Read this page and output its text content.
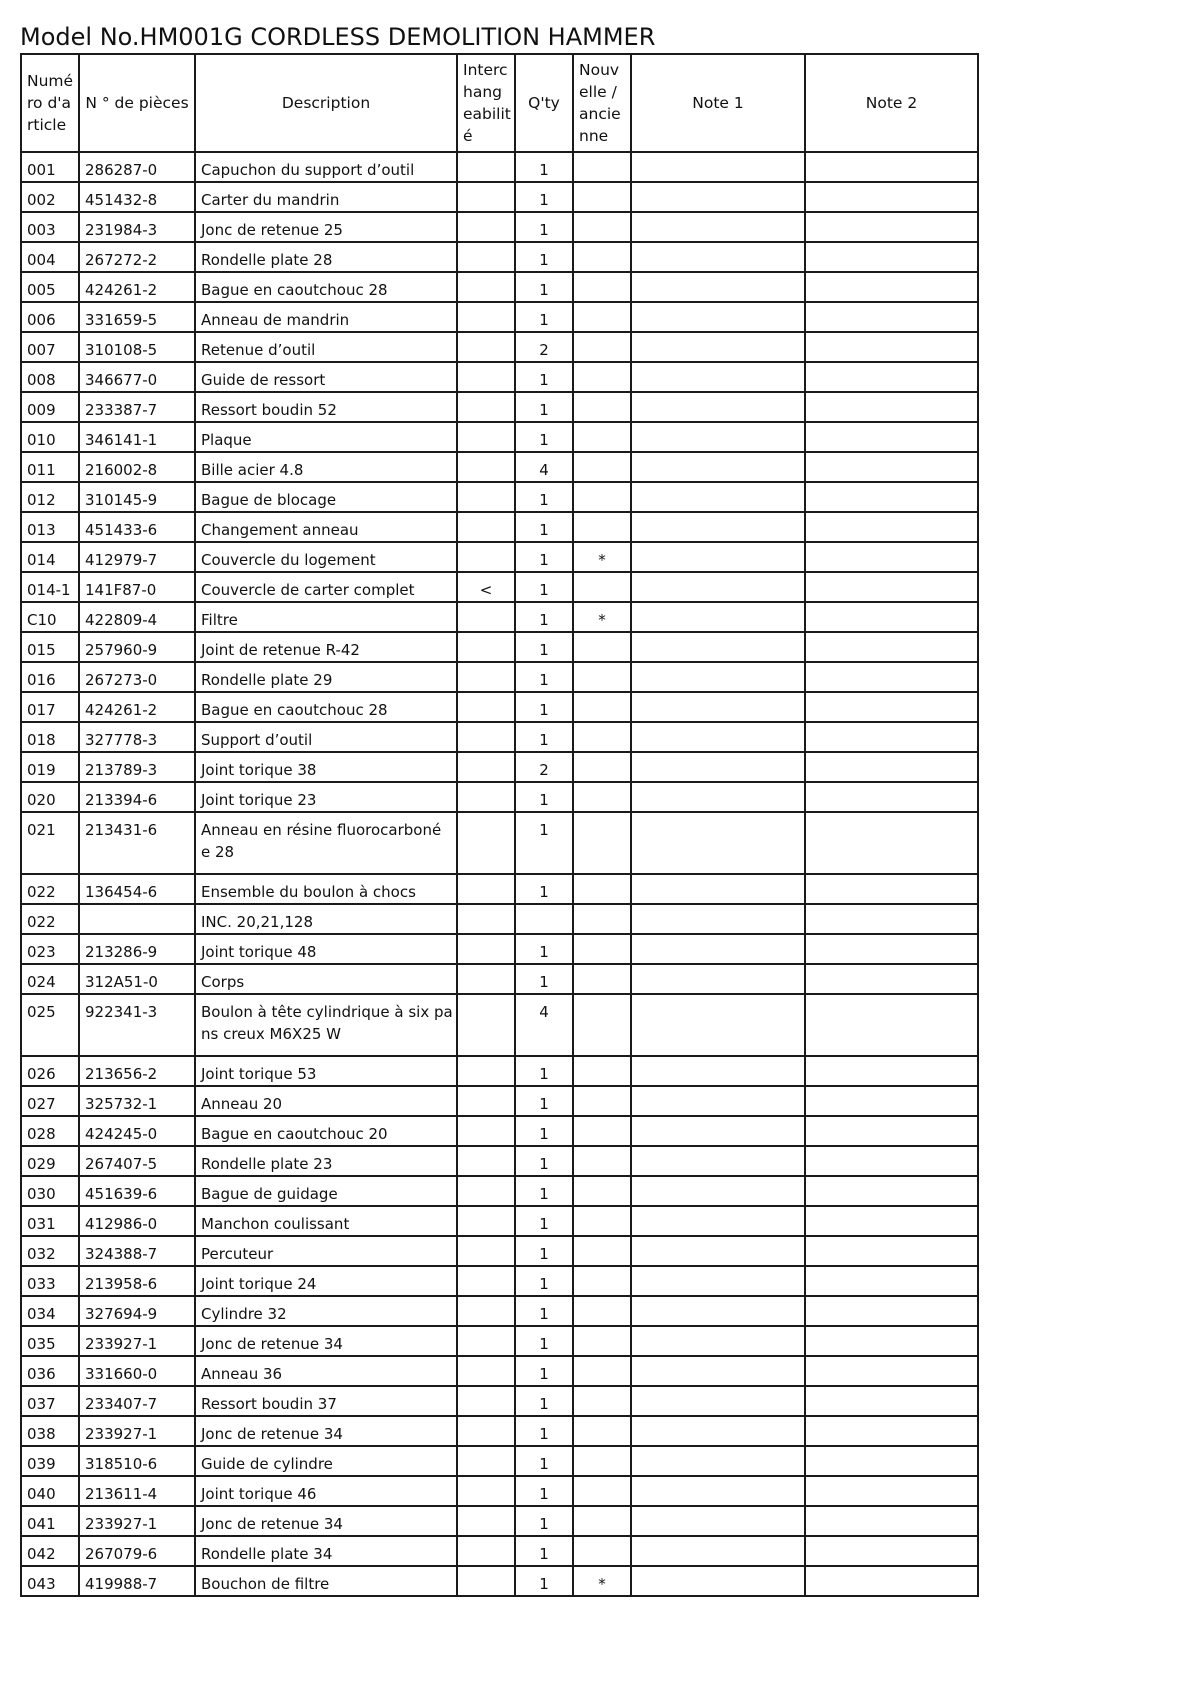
Model No.HM001G CORDLESS DEMOLITION HAMMER
Numé
ro d'a
rticle	N ° de pièces	Description	Interc
hang
eabilit
é	Q'ty	Nouv
elle /
ancie
nne	Note 1	Note 2
001	286287-0	Capuchon du support d’outil		1			
002	451432-8	Carter du mandrin		1			
003	231984-3	Jonc de retenue 25		1			
004	267272-2	Rondelle plate 28		1			
005	424261-2	Bague en caoutchouc 28		1			
006	331659-5	Anneau de mandrin		1			
007	310108-5	Retenue d’outil		2			
008	346677-0	Guide de ressort		1			
009	233387-7	Ressort boudin 52		1			
010	346141-1	Plaque		1			
011	216002-8	Bille acier 4.8		4			
012	310145-9	Bague de blocage		1			
013	451433-6	Changement anneau		1			
014	412979-7	Couvercle du logement		1	*		
014-1	141F87-0	Couvercle de carter complet	<	1			
C10	422809-4	Filtre		1	*		
015	257960-9	Joint de retenue R-42		1			
016	267273-0	Rondelle plate 29		1			
017	424261-2	Bague en caoutchouc 28		1			
018	327778-3	Support d’outil		1			
019	213789-3	Joint torique 38		2			
020	213394-6	Joint torique 23		1			
021	213431-6	Anneau en résine fluorocarboné
e 28		1			
022	136454-6	Ensemble du boulon à chocs		1			
022		INC. 20,21,128					
023	213286-9	Joint torique 48		1			
024	312A51-0	Corps		1			
025	922341-3	Boulon à tête cylindrique à six pa
ns creux M6X25 W		4			
026	213656-2	Joint torique 53		1			
027	325732-1	Anneau 20		1			
028	424245-0	Bague en caoutchouc 20		1			
029	267407-5	Rondelle plate 23		1			
030	451639-6	Bague de guidage		1			
031	412986-0	Manchon coulissant		1			
032	324388-7	Percuteur		1			
033	213958-6	Joint torique 24		1			
034	327694-9	Cylindre 32		1			
035	233927-1	Jonc de retenue 34		1			
036	331660-0	Anneau 36		1			
037	233407-7	Ressort boudin 37		1			
038	233927-1	Jonc de retenue 34		1			
039	318510-6	Guide de cylindre		1			
040	213611-4	Joint torique 46		1			
041	233927-1	Jonc de retenue 34		1			
042	267079-6	Rondelle plate 34		1			
043	419988-7	Bouchon de filtre		1	*		
